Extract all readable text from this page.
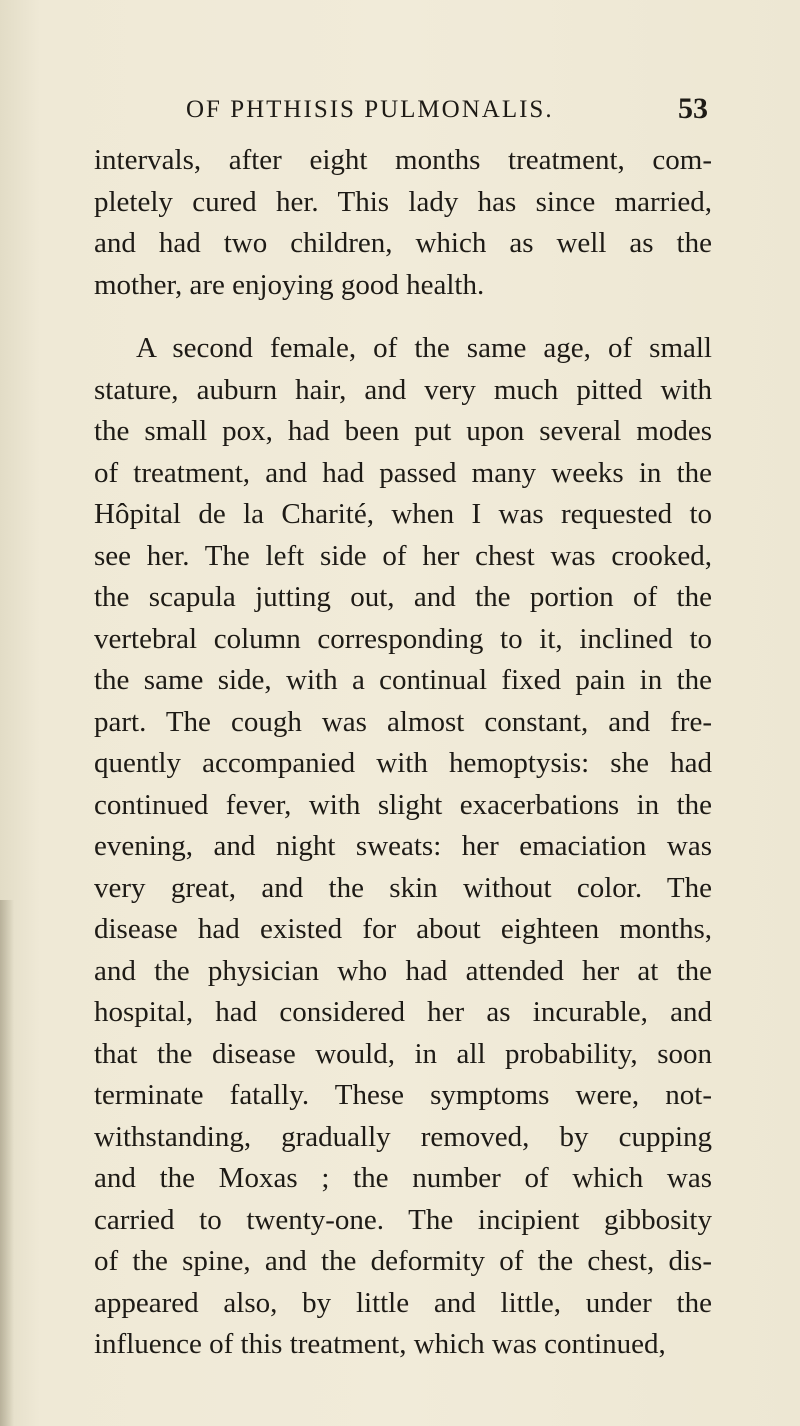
OF PHTHISIS PULMONALIS.	53
intervals, after eight months treatment, com-
pletely cured her. This lady has since married,
and had two children, which as well as the
mother, are enjoying good health.
A second female, of the same age, of small
stature, auburn hair, and very much pitted with
the small pox, had been put upon several modes
of treatment, and had passed many weeks in the
Hôpital de la Charité, when I was requested to
see her. The left side of her chest was crooked,
the scapula jutting out, and the portion of the
vertebral column corresponding to it, inclined to
the same side, with a continual fixed pain in the
part. The cough was almost constant, and fre-
quently accompanied with hemoptysis: she had
continued fever, with slight exacerbations in the
evening, and night sweats: her emaciation was
very great, and the skin without color. The
disease had existed for about eighteen months,
and the physician who had attended her at the
hospital, had considered her as incurable, and
that the disease would, in all probability, soon
terminate fatally. These symptoms were, not-
withstanding, gradually removed, by cupping
and the Moxas ; the number of which was
carried to twenty-one. The incipient gibbosity
of the spine, and the deformity of the chest, dis-
appeared also, by little and little, under the
influence of this treatment, which was continued,
